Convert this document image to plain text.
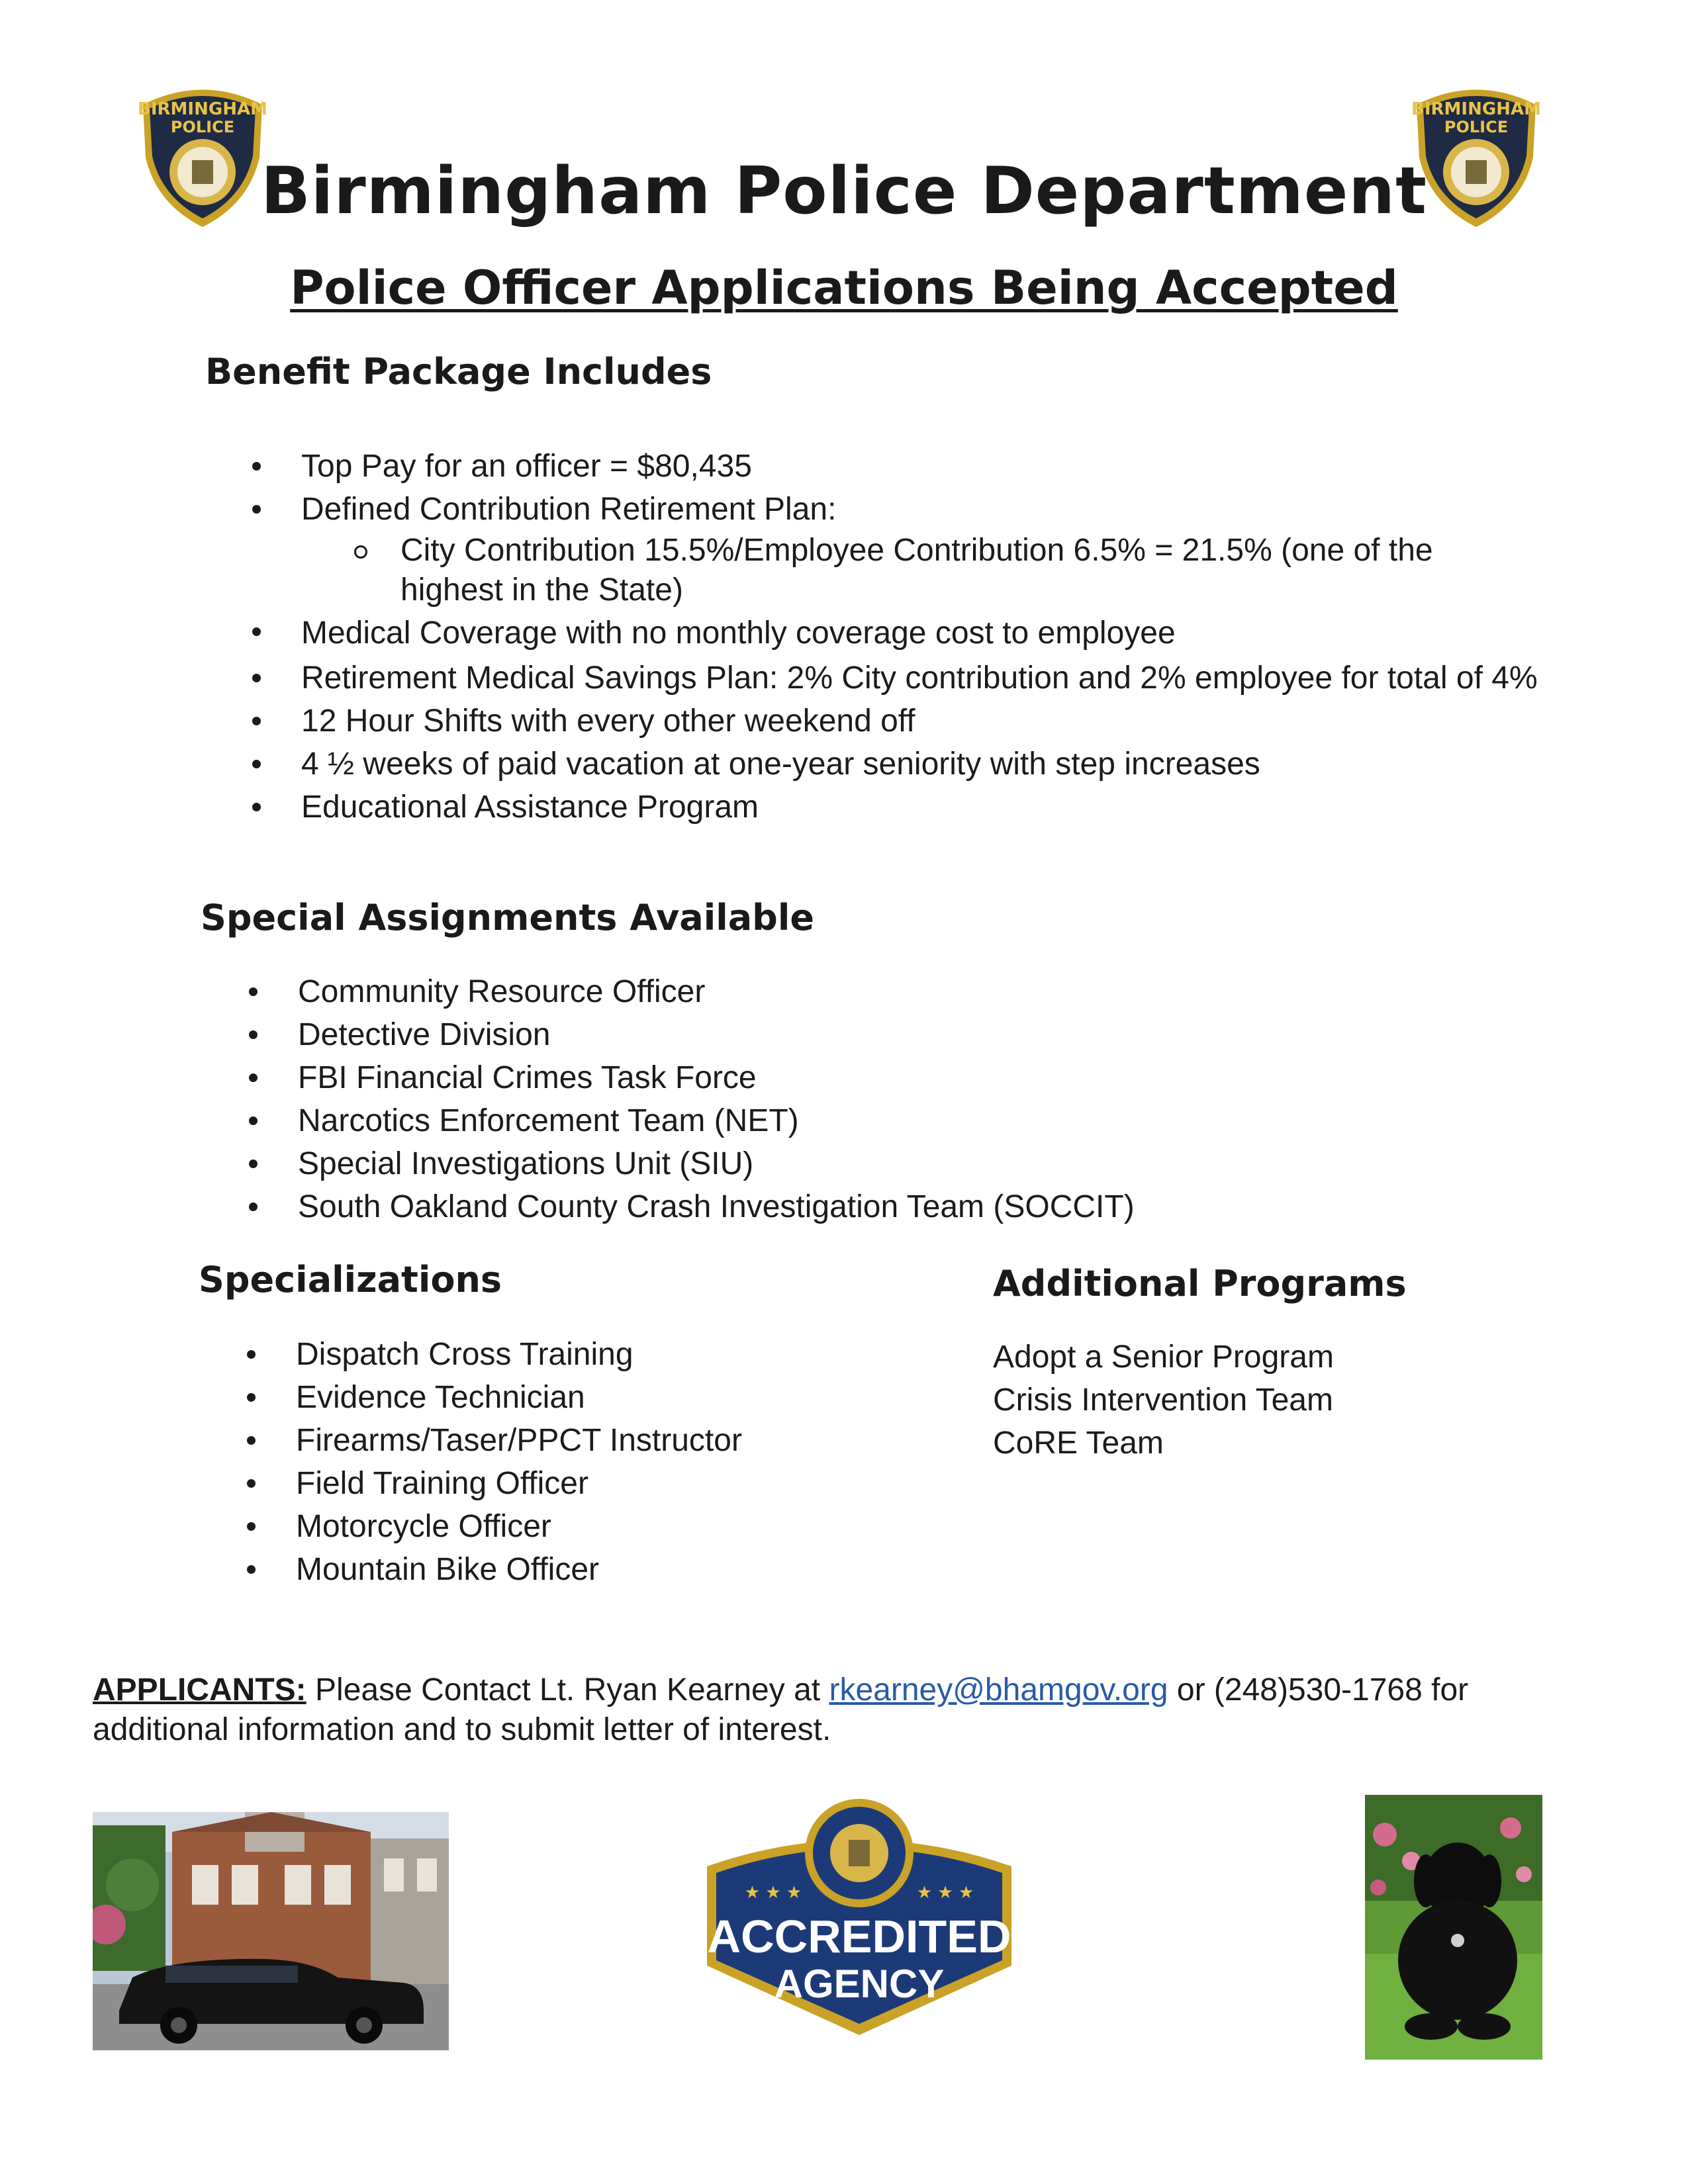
BIRMINGHAM
POLICE
BIRMINGHAM
POLICE
Birmingham Police Department
Police Officer Applications Being Accepted
Benefit Package Includes
Top Pay for an officer = $80,435
Defined Contribution Retirement Plan:
City Contribution 15.5%/Employee Contribution 6.5% = 21.5% (one of the highest in the State)
Medical Coverage with no monthly coverage cost to employee
Retirement Medical Savings Plan: 2% City contribution and 2% employee for total of 4%
12 Hour Shifts with every other weekend off
4 ½ weeks of paid vacation at one-year seniority with step increases
Educational Assistance Program
Special Assignments Available
Community Resource Officer
Detective Division
FBI Financial Crimes Task Force
Narcotics Enforcement Team (NET)
Special Investigations Unit (SIU)
South Oakland County Crash Investigation Team (SOCCIT)
Specializations
Dispatch Cross Training
Evidence Technician
Firearms/Taser/PPCT Instructor
Field Training Officer
Motorcycle Officer
Mountain Bike Officer
Additional Programs
Adopt a Senior Program
Crisis Intervention Team
CoRE Team
APPLICANTS: Please Contact Lt. Ryan Kearney at rkearney@bhamgov.org or (248)530-1768 for additional information and to submit letter of interest.
★ ★ ★	★ ★ ★
ACCREDITED
AGENCY
